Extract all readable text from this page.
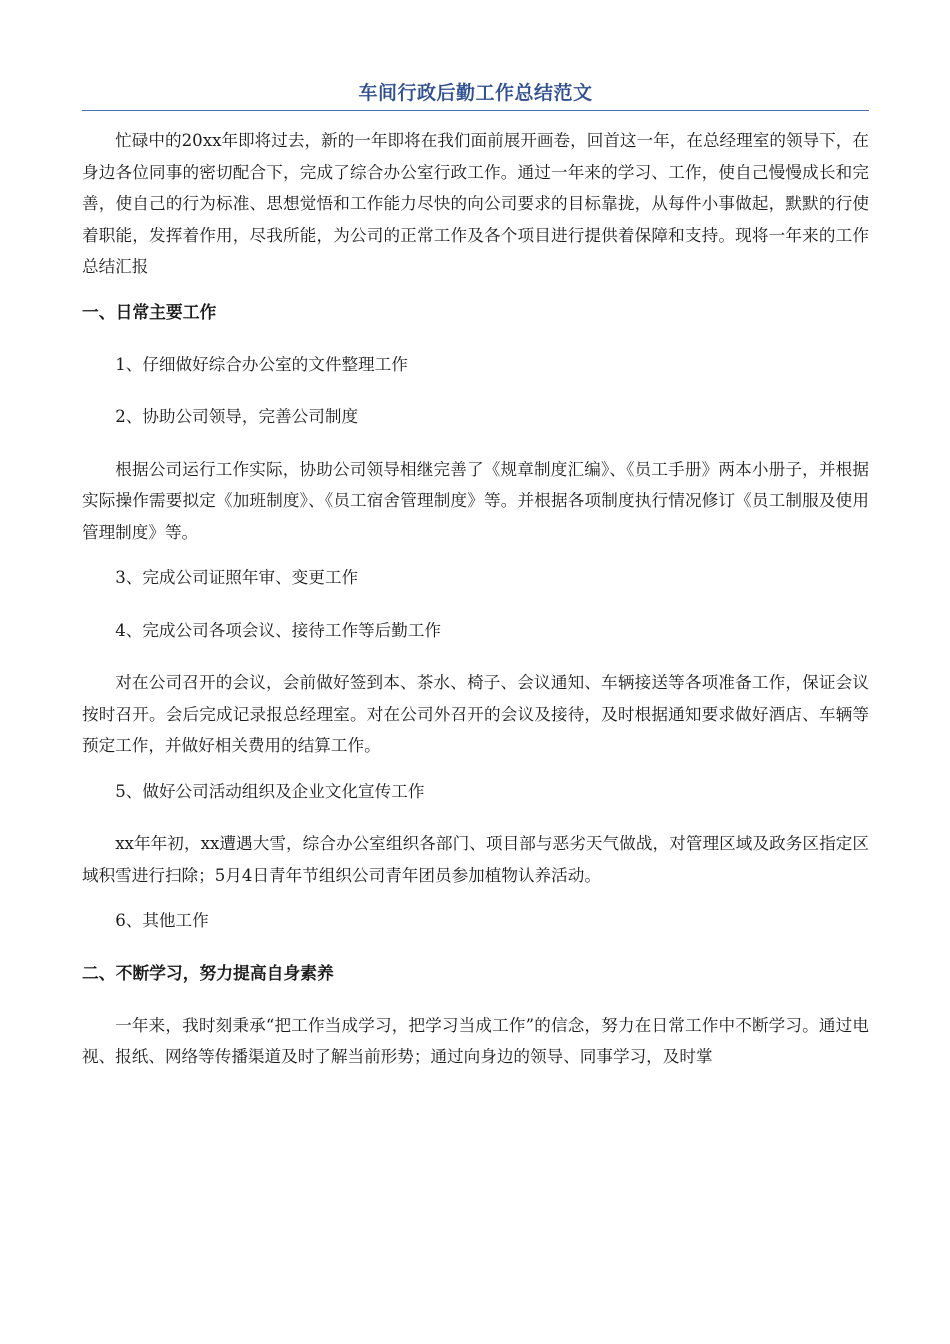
车间行政后勤工作总结范文

忙碌中的20xx年即将过去，新的一年即将在我们面前展开画卷，回首这一年，在总经理室的领导下，在身边各位同事的密切配合下，完成了综合办公室行政工作。通过一年来的学习、工作，使自己慢慢成长和完善，使自己的行为标准、思想觉悟和工作能力尽快的向公司要求的目标靠拢，从每件小事做起，默默的行使着职能，发挥着作用，尽我所能，为公司的正常工作及各个项目进行提供着保障和支持。现将一年来的工作总结汇报

一、日常主要工作

1、仔细做好综合办公室的文件整理工作

2、协助公司领导，完善公司制度

根据公司运行工作实际，协助公司领导相继完善了《规章制度汇编》、《员工手册》两本小册子，并根据实际操作需要拟定《加班制度》、《员工宿舍管理制度》等。并根据各项制度执行情况修订《员工制服及使用管理制度》等。

3、完成公司证照年审、变更工作

4、完成公司各项会议、接待工作等后勤工作

对在公司召开的会议，会前做好签到本、茶水、椅子、会议通知、车辆接送等各项准备工作，保证会议按时召开。会后完成记录报总经理室。对在公司外召开的会议及接待，及时根据通知要求做好酒店、车辆等预定工作，并做好相关费用的结算工作。

5、做好公司活动组织及企业文化宣传工作

xx年年初，xx遭遇大雪，综合办公室组织各部门、项目部与恶劣天气做战，对管理区域及政务区指定区域积雪进行扫除；5月4日青年节组织公司青年团员参加植物认养活动。

6、其他工作

二、不断学习，努力提高自身素养

一年来，我时刻秉承“把工作当成学习，把学习当成工作”的信念，努力在日常工作中不断学习。通过电视、报纸、网络等传播渠道及时了解当前形势；通过向身边的领导、同事学习，及时掌
